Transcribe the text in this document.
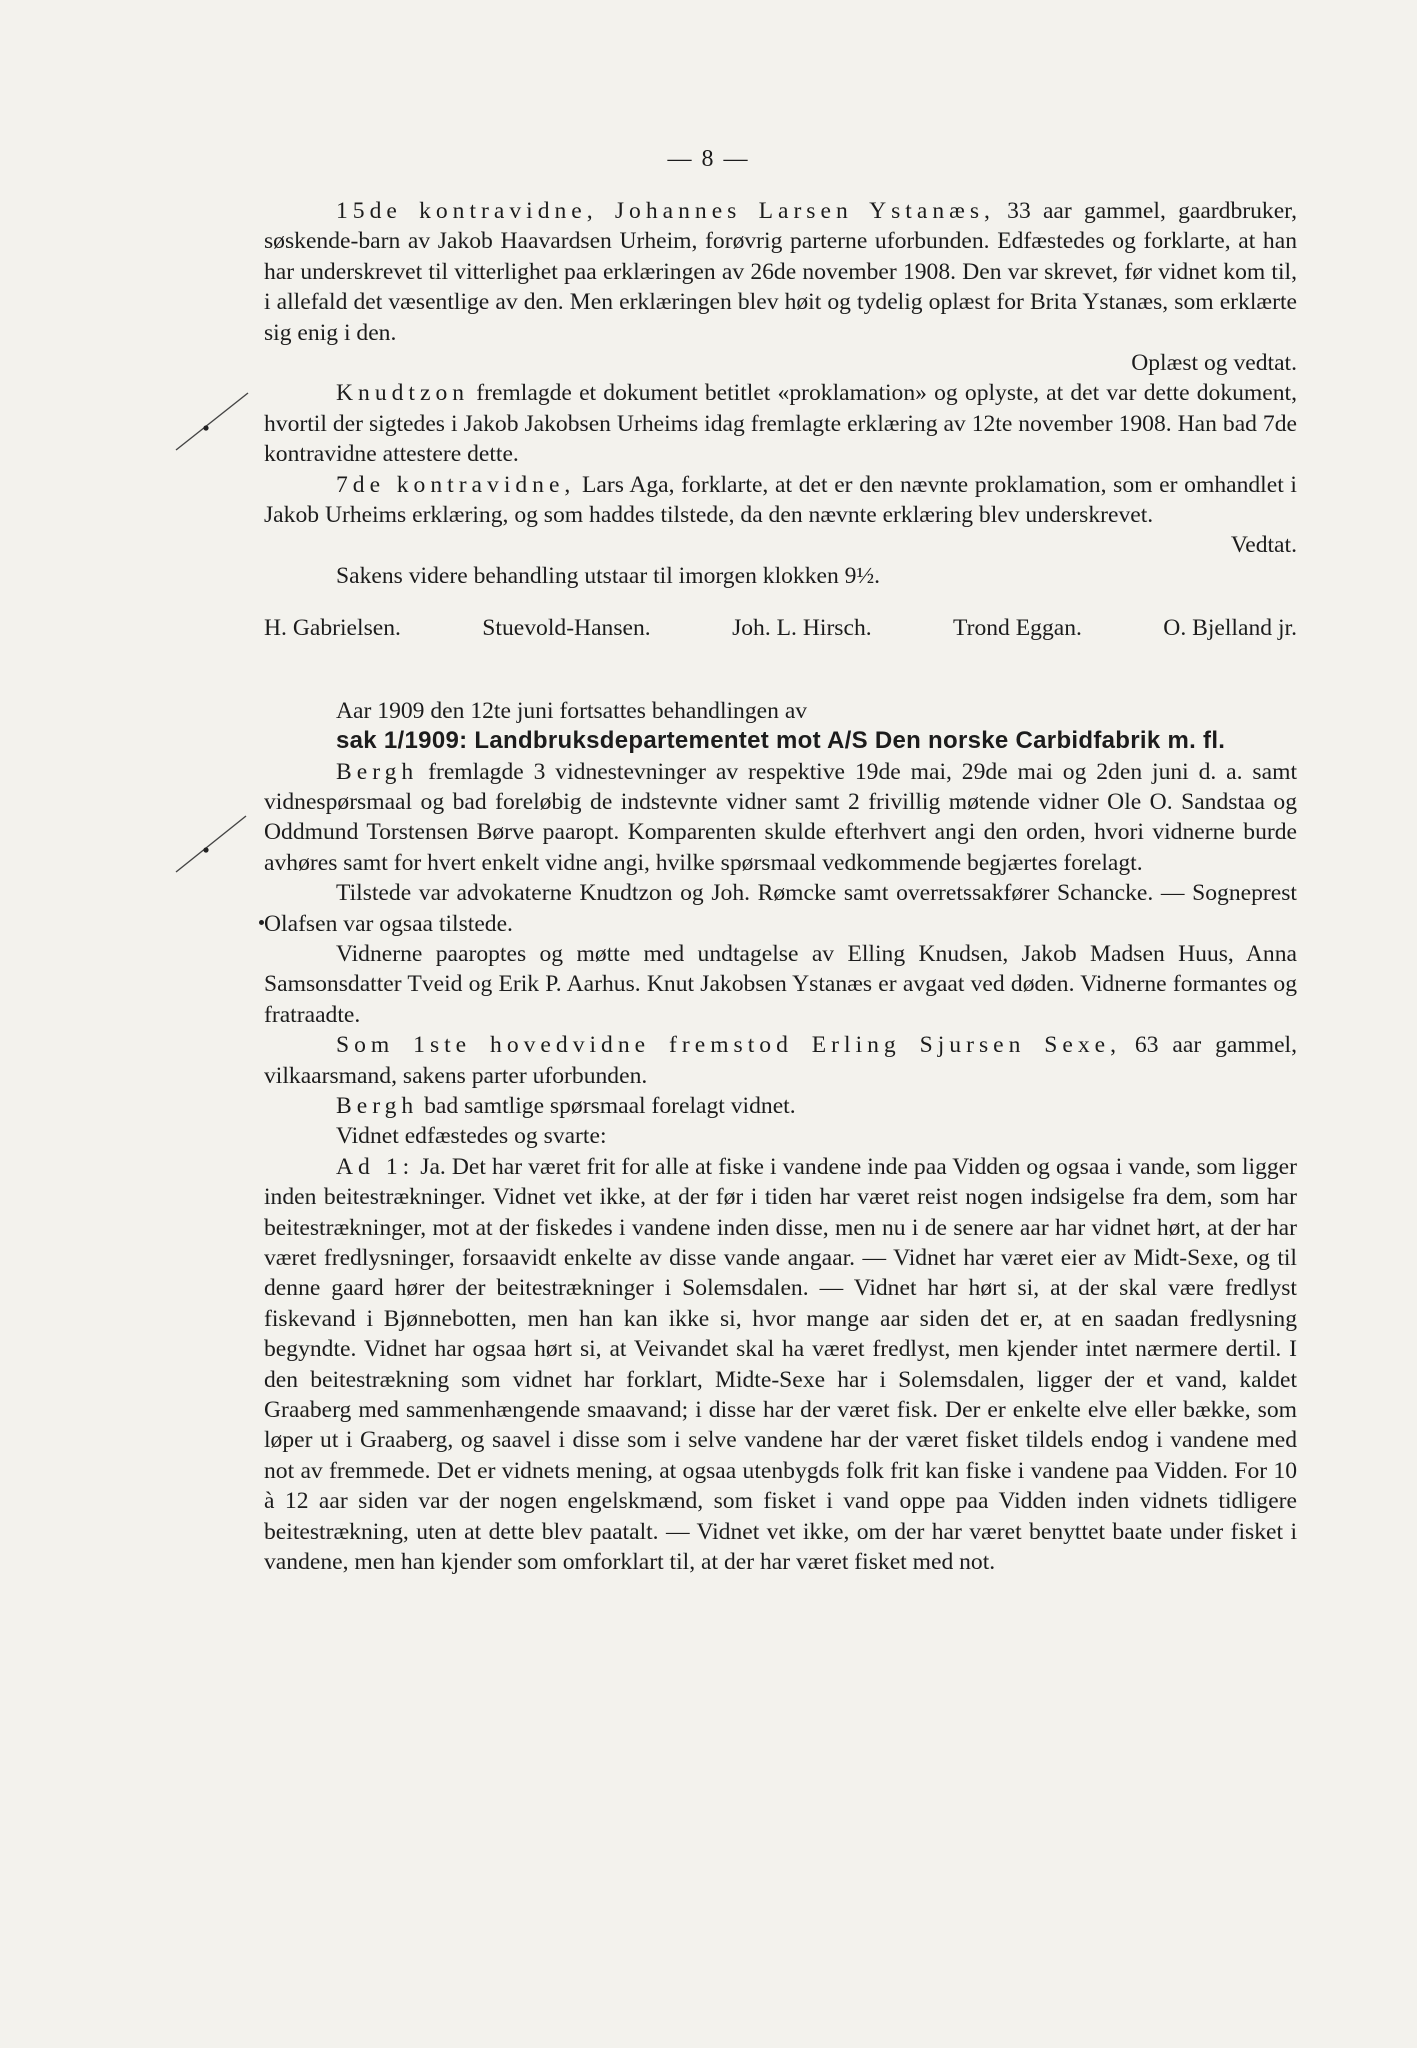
— 8 —

15de kontravidne, Johannes Larsen Ystanæs, 33 aar gammel, gaardbruker, søskende-barn av Jakob Haavardsen Urheim, forøvrig parterne uforbunden. Edfæstedes og forklarte, at han har underskrevet til vitterlighet paa erklæringen av 26de november 1908. Den var skrevet, før vidnet kom til, i allefald det væsentlige av den. Men erklæringen blev høit og tydelig oplæst for Brita Ystanæs, som erklærte sig enig i den.

Oplæst og vedtat.

Knudtzon fremlagde et dokument betitlet «proklamation» og oplyste, at det var dette dokument, hvortil der sigtedes i Jakob Jakobsen Urheims idag fremlagte erklæring av 12te november 1908. Han bad 7de kontravidne attestere dette.

7de kontravidne, Lars Aga, forklarte, at det er den nævnte proklamation, som er omhandlet i Jakob Urheims erklæring, og som haddes tilstede, da den nævnte erklæring blev underskrevet.

Vedtat.

Sakens videre behandling utstaar til imorgen klokken 9½.

H. Gabrielsen.	Stuevold-Hansen.	Joh. L. Hirsch.	Trond Eggan.	O. Bjelland jr.

Aar 1909 den 12te juni fortsattes behandlingen av

sak 1/1909: Landbruksdepartementet mot A/S Den norske Carbidfabrik m. fl.

Bergh fremlagde 3 vidnestevninger av respektive 19de mai, 29de mai og 2den juni d. a. samt vidnespørsmaal og bad foreløbig de indstevnte vidner samt 2 frivillig møtende vidner Ole O. Sandstaa og Oddmund Torstensen Børve paaropt. Komparenten skulde efterhvert angi den orden, hvori vidnerne burde avhøres samt for hvert enkelt vidne angi, hvilke spørsmaal vedkommende begjærtes forelagt.

Tilstede var advokaterne Knudtzon og Joh. Rømcke samt overretssakfører Schancke. — Sogneprest Olafsen var ogsaa tilstede.

Vidnerne paaroptes og møtte med undtagelse av Elling Knudsen, Jakob Madsen Huus, Anna Samsonsdatter Tveid og Erik P. Aarhus. Knut Jakobsen Ystanæs er avgaat ved døden. Vidnerne formantes og fratraadte.

Som 1ste hovedvidne fremstod Erling Sjursen Sexe, 63 aar gammel, vilkaarsmand, sakens parter uforbunden.

Bergh bad samtlige spørsmaal forelagt vidnet.

Vidnet edfæstedes og svarte:

Ad 1: Ja. Det har været frit for alle at fiske i vandene inde paa Vidden og ogsaa i vande, som ligger inden beitestrækninger. Vidnet vet ikke, at der før i tiden har været reist nogen indsigelse fra dem, som har beitestrækninger, mot at der fiskedes i vandene inden disse, men nu i de senere aar har vidnet hørt, at der har været fredlysninger, forsaavidt enkelte av disse vande angaar. — Vidnet har været eier av Midt-Sexe, og til denne gaard hører der beitestrækninger i Solemsdalen. — Vidnet har hørt si, at der skal være fredlyst fiskevand i Bjønnebotten, men han kan ikke si, hvor mange aar siden det er, at en saadan fredlysning begyndte. Vidnet har ogsaa hørt si, at Veivandet skal ha været fredlyst, men kjender intet nærmere dertil. I den beitestrækning som vidnet har forklart, Midte-Sexe har i Solemsdalen, ligger der et vand, kaldet Graaberg med sammenhængende smaavand; i disse har der været fisk. Der er enkelte elve eller bække, som løper ut i Graaberg, og saavel i disse som i selve vandene har der været fisket tildels endog i vandene med not av fremmede. Det er vidnets mening, at ogsaa utenbygds folk frit kan fiske i vandene paa Vidden. For 10 à 12 aar siden var der nogen engelskmænd, som fisket i vand oppe paa Vidden inden vidnets tidligere beitestrækning, uten at dette blev paatalt. — Vidnet vet ikke, om der har været benyttet baate under fisket i vandene, men han kjender som omforklart til, at der har været fisket med not.
